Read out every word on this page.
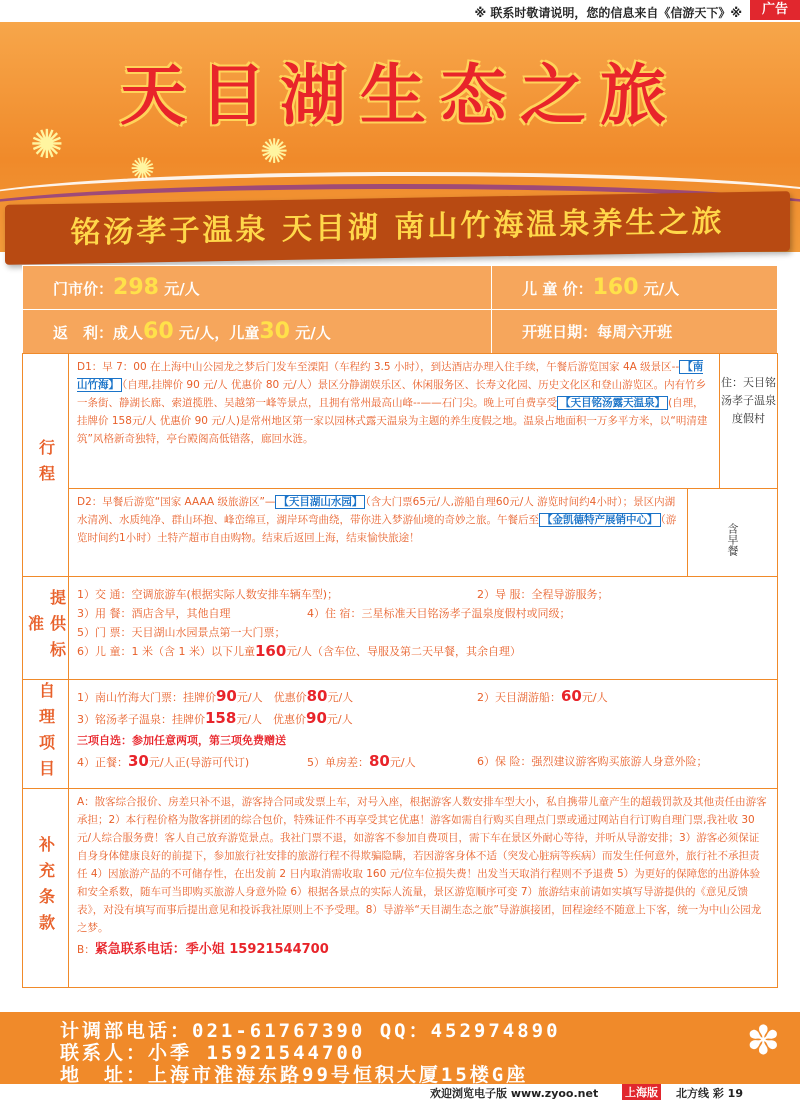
※ 联系时敬请说明，您的信息来自《信游天下》※	广告
✺
✺	✺
天目湖生态之旅
铭汤孝子温泉 天目湖 南山竹海温泉养生之旅
门市价：298 元/人	儿 童 价：160 元/人
返　利：成人60 元/人，儿童30 元/人	开班日期：每周六开班
行程
D1：早 7：00 在上海中山公园龙之梦后门发车至溧阳（车程约 3.5 小时），到达酒店办理入住手续，午餐后游览国家 4A 级景区-- 【南山竹海】 （自理,挂牌价 90 元/人 优惠价 80 元/人）景区分静湖娱乐区、休闲服务区、长寿文化园、历史文化区和登山游览区。内有竹乡一条街、静湖长廊、索道揽胜、吴越第一峰等景点，且拥有常州最高山峰--——石门尖。晚上可自费享受 【天目铭汤露天温泉】 (自理，挂牌价 158元/人 优惠价 90 元/人)是常州地区第一家以园林式露天温泉为主题的养生度假之地。温泉占地面积一万多平方米，以“明清建筑”风格新奇独特，亭台殿阁高低错落，廊回水涟。
住：天目铭汤孝子温泉度假村
D2：早餐后游览“国家 AAAA 级旅游区”— 【天目湖山水园】 （含大门票65元/人,游船自理60元/人 游览时间约4小时）；景区内湖水清冽、水质纯净、群山环抱、峰峦绵亘，湖岸环弯曲绕，带你进入梦游仙境的奇妙之旅。午餐后至 【金凯德特产展销中心】 （游览时间约1小时）土特产超市自由购物。结束后返回上海，结束愉快旅途！	含早餐
提供标准
1）交 通：空调旅游车(根据实际人数安排车辆车型)；	2）导 服：全程导游服务；
3）用 餐：酒店含早，其他自理	4）住 宿：三星标准天目铭汤孝子温泉度假村或同级；
5）门 票：天目湖山水园景点第一大门票；
6）儿 童：1 米（含 1 米）以下儿童 160 元/人（含车位、导服及第二天早餐，其余自理）
自理项目	1）南山竹海大门票：挂牌价90元/人　优惠价80元/人	2）天目湖游船：60元/人
3）铭汤孝子温泉：挂牌价158元/人　优惠价90元/人
三项自选：参加任意两项，第三项免费赠送
4）正餐：30元/人正(导游可代订)	5）单房差：80元/人	6）保 险：强烈建议游客购买旅游人身意外险；
补充条款
A：散客综合报价、房差只补不退，游客持合同或发票上车，对号入座，根据游客人数安排车型大小，私自携带儿童产生的超载罚款及其他责任由游客承担；2）本行程价格为散客拼团的综合包价，特殊证件不再享受其它优惠！游客如需自行购买自理点门票或通过网站自行订购自理门票,我社收 30 元/人综合服务费！客人自己放弃游览景点。我社门票不退，如游客不参加自费项目，需下车在景区外耐心等待，并听从导游安排；3）游客必须保证自身身体健康良好的前提下，参加旅行社安排的旅游行程不得欺骗隐瞒，若因游客身体不适（突发心脏病等疾病）而发生任何意外，旅行社不承担责任 4）因旅游产品的不可储存性，在出发前 2 日内取消需收取 160 元/位车位损失费！出发当天取消行程则不予退费 5）为更好的保障您的出游体验和安全系数，随车可当即购买旅游人身意外险 6）根据各景点的实际人流量，景区游览顺序可变 7）旅游结束前请如实填写导游提供的《意见反馈表》，对没有填写而事后提出意见和投诉我社原则上不予受理。8）导游举“天目湖生态之旅”导游旗接团，回程途经不随意上下客，统一为中山公园龙之梦。
B：紧急联系电话：季小姐 15921544700
计调部电话：021-61767390 QQ：452974890
联系人：小季 15921544700
地　址：上海市淮海东路99号恒积大厦15楼G座
✽
欢迎浏览电子版 www.zyoo.net 上海版 北方线 彩 19
